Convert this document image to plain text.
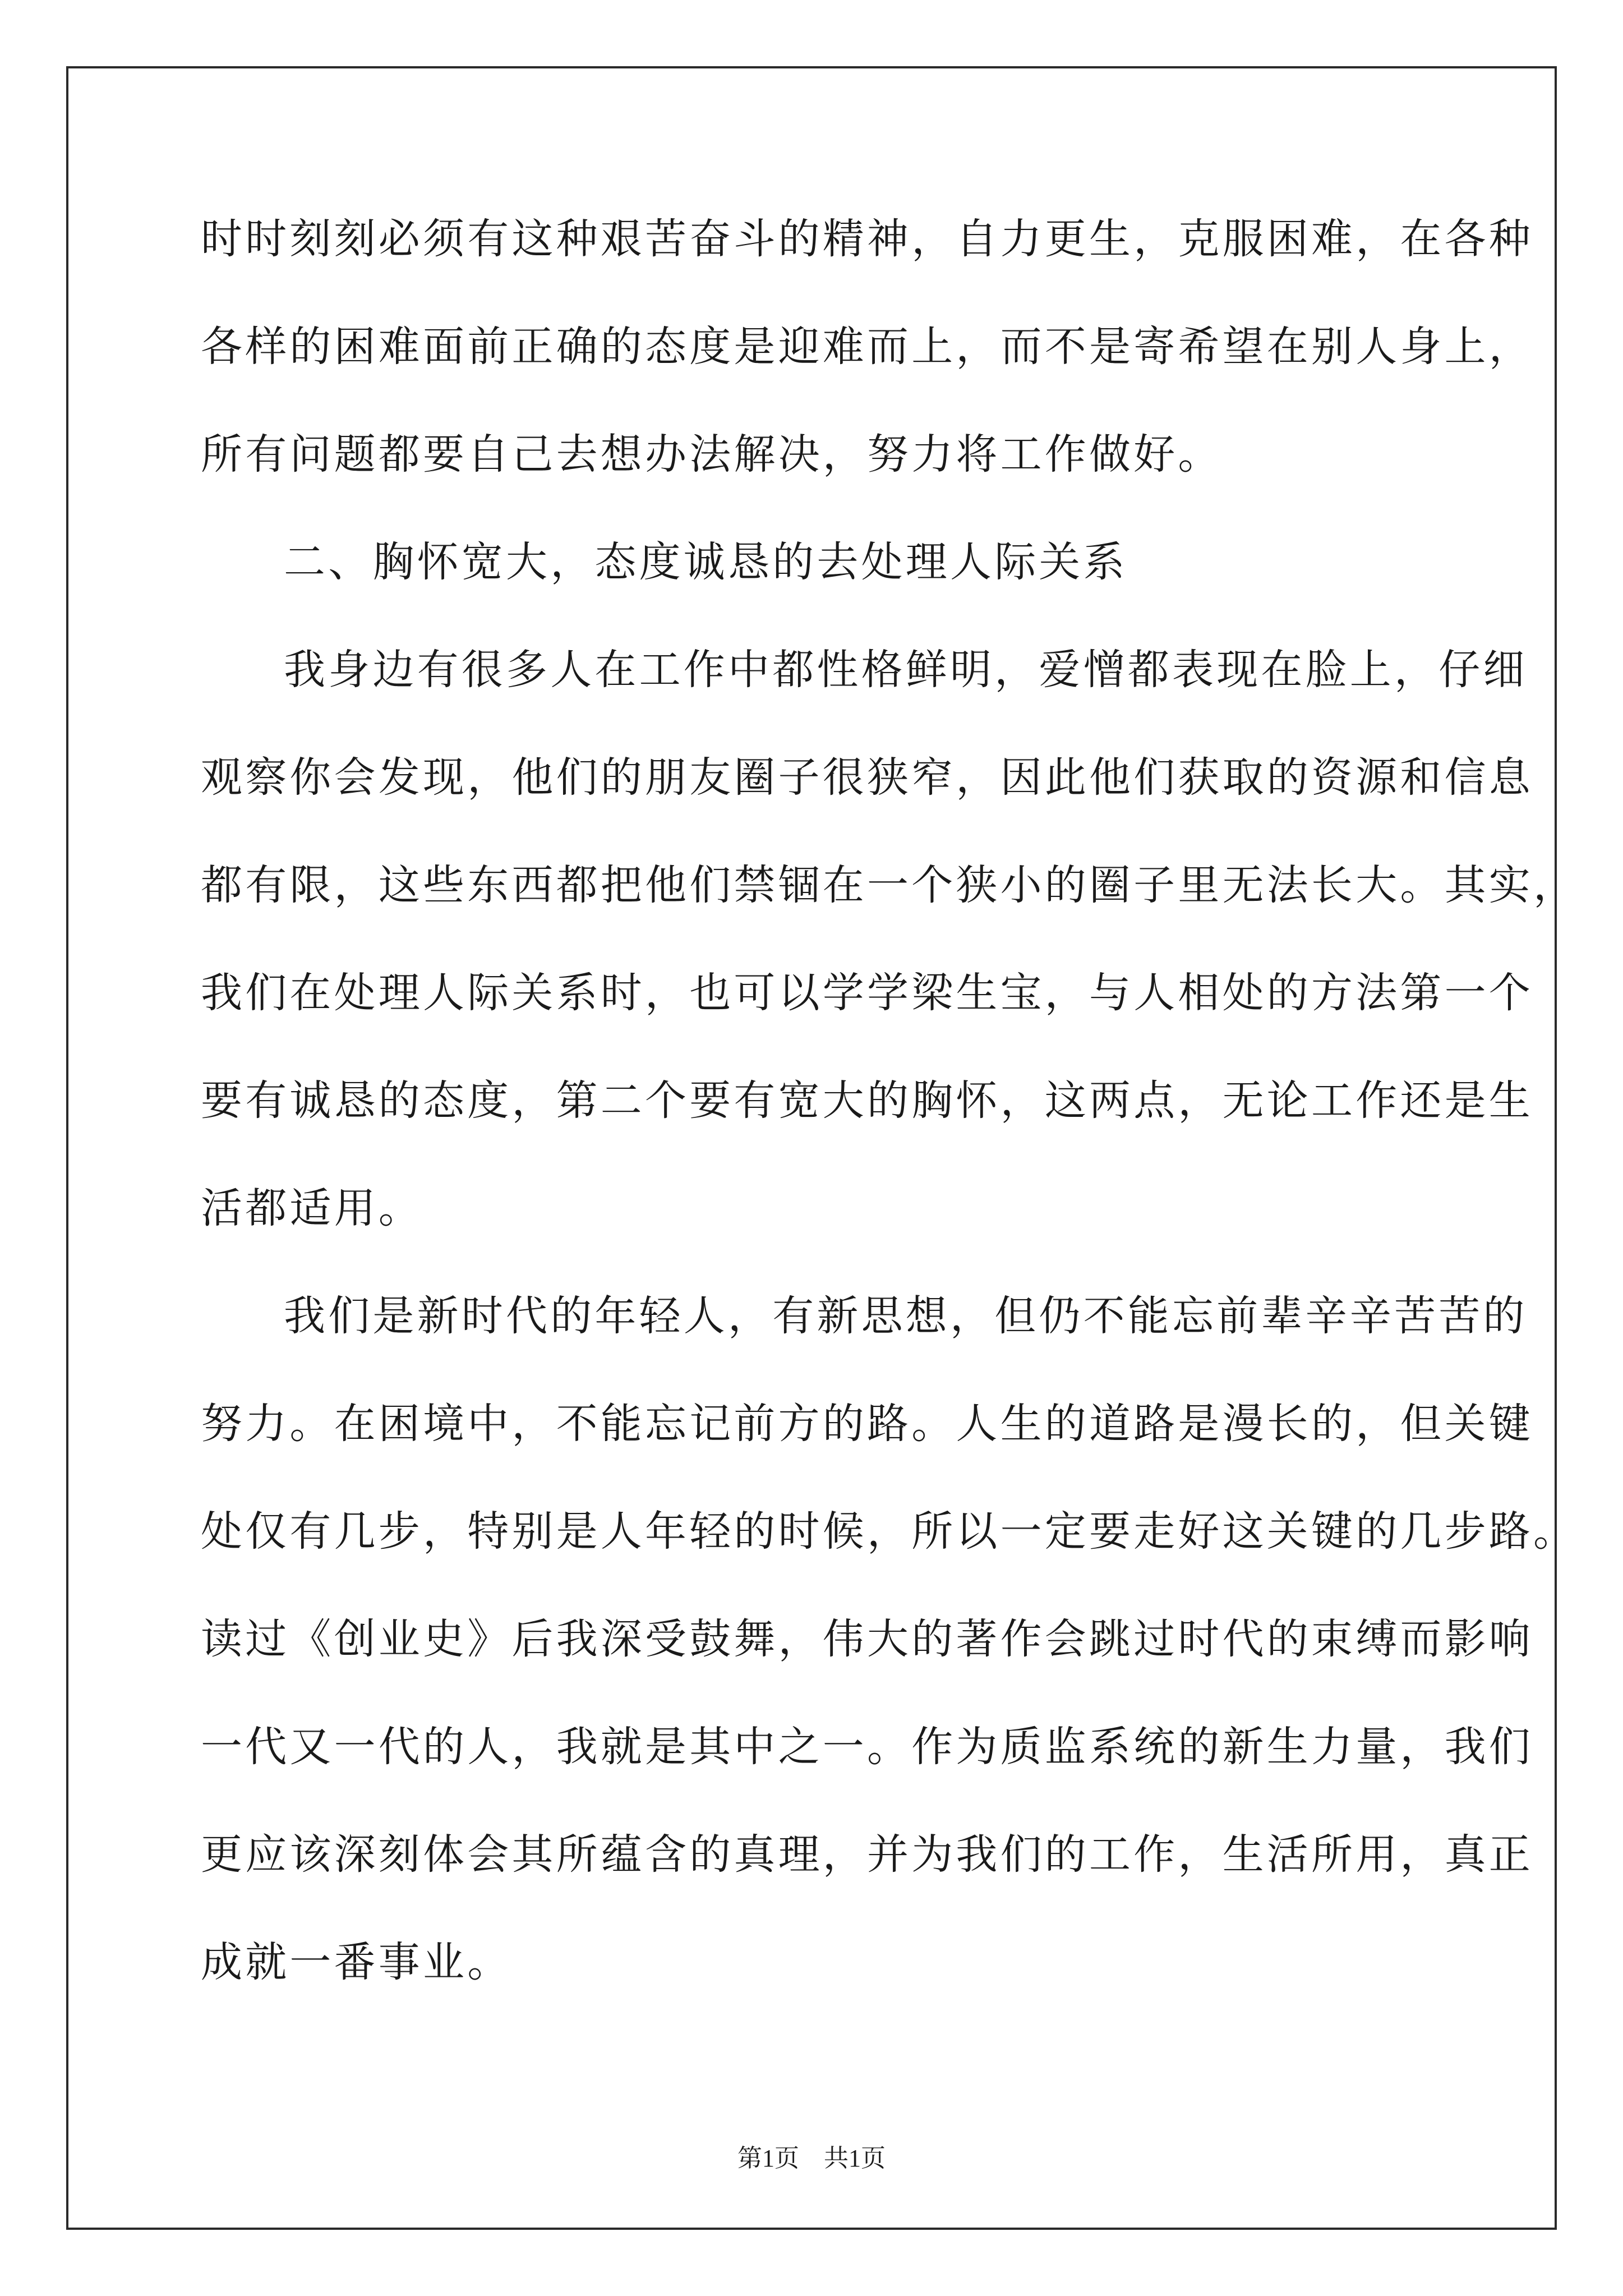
时时刻刻必须有这种艰苦奋斗的精神，自力更生，克服困难，在各种
各样的困难面前正确的态度是迎难而上，而不是寄希望在别人身上，
所有问题都要自己去想办法解决，努力将工作做好。
二、胸怀宽大，态度诚恳的去处理人际关系
我身边有很多人在工作中都性格鲜明，爱憎都表现在脸上，仔细
观察你会发现，他们的朋友圈子很狭窄，因此他们获取的资源和信息
都有限，这些东西都把他们禁锢在一个狭小的圈子里无法长大。其实，
我们在处理人际关系时，也可以学学梁生宝，与人相处的方法第一个
要有诚恳的态度，第二个要有宽大的胸怀，这两点，无论工作还是生
活都适用。
我们是新时代的年轻人，有新思想，但仍不能忘前辈辛辛苦苦的
努力。在困境中，不能忘记前方的路。人生的道路是漫长的，但关键
处仅有几步，特别是人年轻的时候，所以一定要走好这关键的几步路。
读过《创业史》后我深受鼓舞，伟大的著作会跳过时代的束缚而影响
一代又一代的人，我就是其中之一。作为质监系统的新生力量，我们
更应该深刻体会其所蕴含的真理，并为我们的工作，生活所用，真正
成就一番事业。
第1页　共1页
